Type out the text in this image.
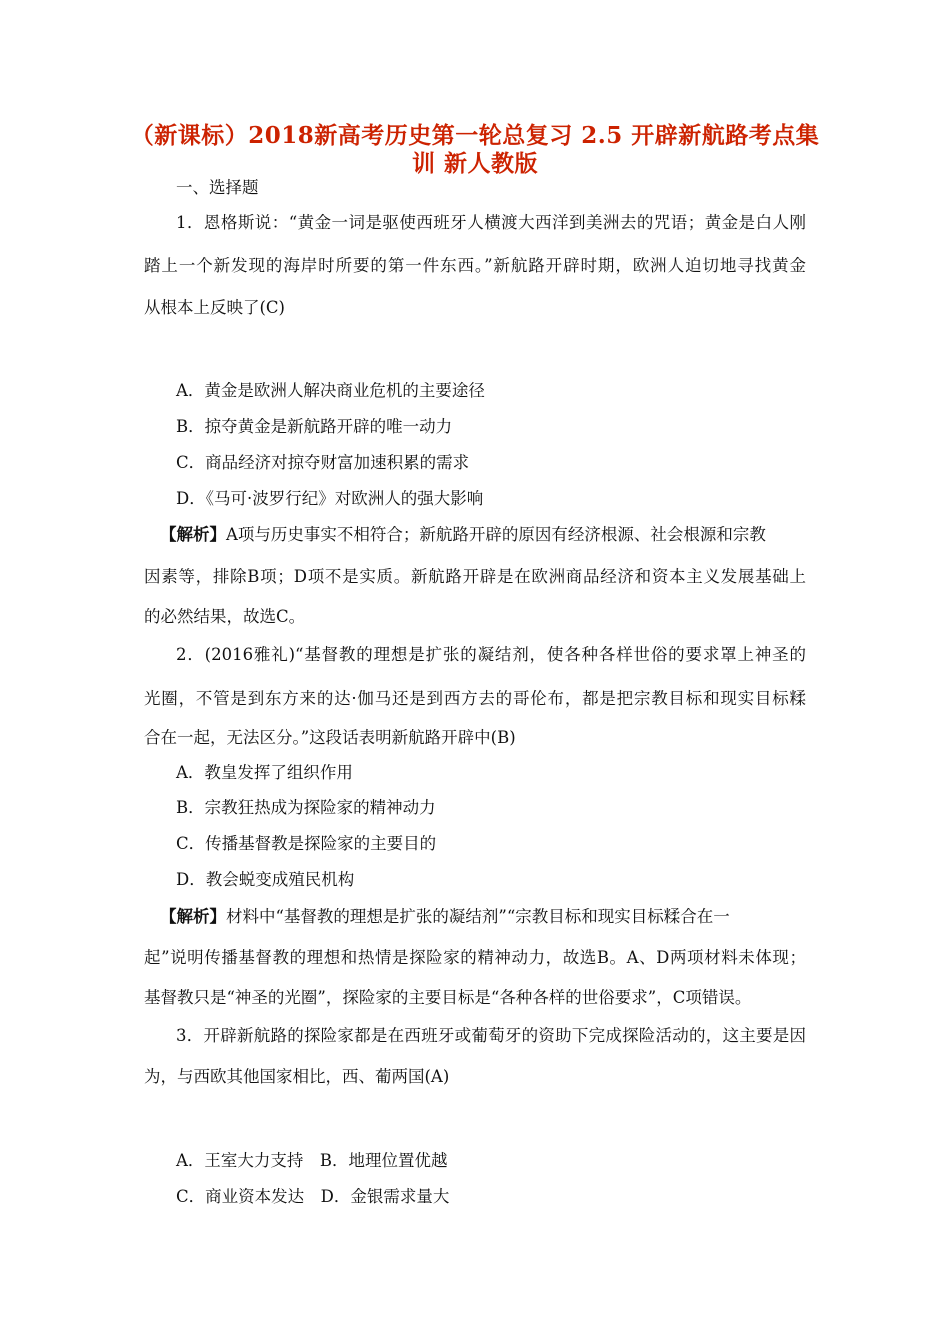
（新课标）2018新高考历史第一轮总复习 2.5 开辟新航路考点集
训 新人教版
一、选择题
1．恩格斯说：“黄金一词是驱使西班牙人横渡大西洋到美洲去的咒语；黄金是白人刚
踏上一个新发现的海岸时所要的第一件东西。”新航路开辟时期，欧洲人迫切地寻找黄金
从根本上反映了(C)
A．黄金是欧洲人解决商业危机的主要途径
B．掠夺黄金是新航路开辟的唯一动力
C．商品经济对掠夺财富加速积累的需求
D．《马可·波罗行纪》对欧洲人的强大影响
【解析】A项与历史事实不相符合；新航路开辟的原因有经济根源、社会根源和宗教
因素等，排除B项；D项不是实质。新航路开辟是在欧洲商品经济和资本主义发展基础上
的必然结果，故选C。
2．(2016雅礼)“基督教的理想是扩张的凝结剂，使各种各样世俗的要求罩上神圣的
光圈，不管是到东方来的达·伽马还是到西方去的哥伦布，都是把宗教目标和现实目标糅
合在一起，无法区分。”这段话表明新航路开辟中(B)
A．教皇发挥了组织作用
B．宗教狂热成为探险家的精神动力
C．传播基督教是探险家的主要目的
D．教会蜕变成殖民机构
【解析】材料中“基督教的理想是扩张的凝结剂”“宗教目标和现实目标糅合在一
起”说明传播基督教的理想和热情是探险家的精神动力，故选B。A、D两项材料未体现；
基督教只是“神圣的光圈”，探险家的主要目标是“各种各样的世俗要求”，C项错误。
3．开辟新航路的探险家都是在西班牙或葡萄牙的资助下完成探险活动的，这主要是因
为，与西欧其他国家相比，西、葡两国(A)
A．王室大力支持　B．地理位置优越
C．商业资本发达　D．金银需求量大
